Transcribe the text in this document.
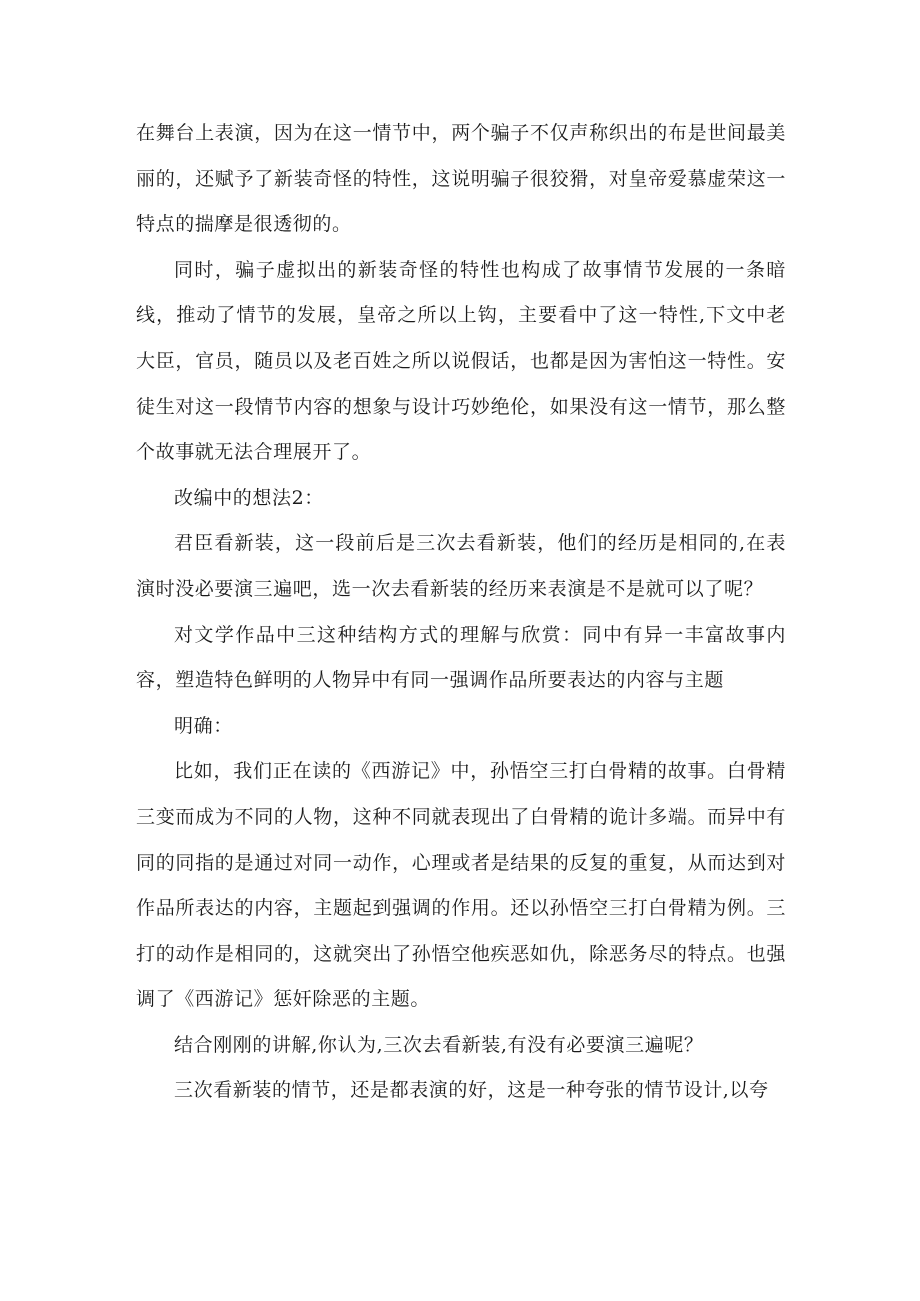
在舞台上表演，因为在这一情节中，两个骗子不仅声称织出的布是世间最美丽的，还赋予了新装奇怪的特性，这说明骗子很狡猾，对皇帝爱慕虚荣这一特点的揣摩是很透彻的。

同时，骗子虚拟出的新装奇怪的特性也构成了故事情节发展的一条暗线，推动了情节的发展，皇帝之所以上钩，主要看中了这一特性,下文中老大臣，官员，随员以及老百姓之所以说假话，也都是因为害怕这一特性。安徒生对这一段情节内容的想象与设计巧妙绝伦，如果没有这一情节，那么整个故事就无法合理展开了。

改编中的想法2：

君臣看新装，这一段前后是三次去看新装，他们的经历是相同的,在表演时没必要演三遍吧，选一次去看新装的经历来表演是不是就可以了呢？

对文学作品中三这种结构方式的理解与欣赏：同中有异一丰富故事内容，塑造特色鲜明的人物异中有同一强调作品所要表达的内容与主题

明确：

比如，我们正在读的《西游记》中，孙悟空三打白骨精的故事。白骨精三变而成为不同的人物，这种不同就表现出了白骨精的诡计多端。而异中有同的同指的是通过对同一动作，心理或者是结果的反复的重复，从而达到对作品所表达的内容，主题起到强调的作用。还以孙悟空三打白骨精为例。三打的动作是相同的，这就突出了孙悟空他疾恶如仇，除恶务尽的特点。也强调了《西游记》惩奸除恶的主题。

结合刚刚的讲解,你认为,三次去看新装,有没有必要演三遍呢？

三次看新装的情节，还是都表演的好，这是一种夸张的情节设计,以夸
